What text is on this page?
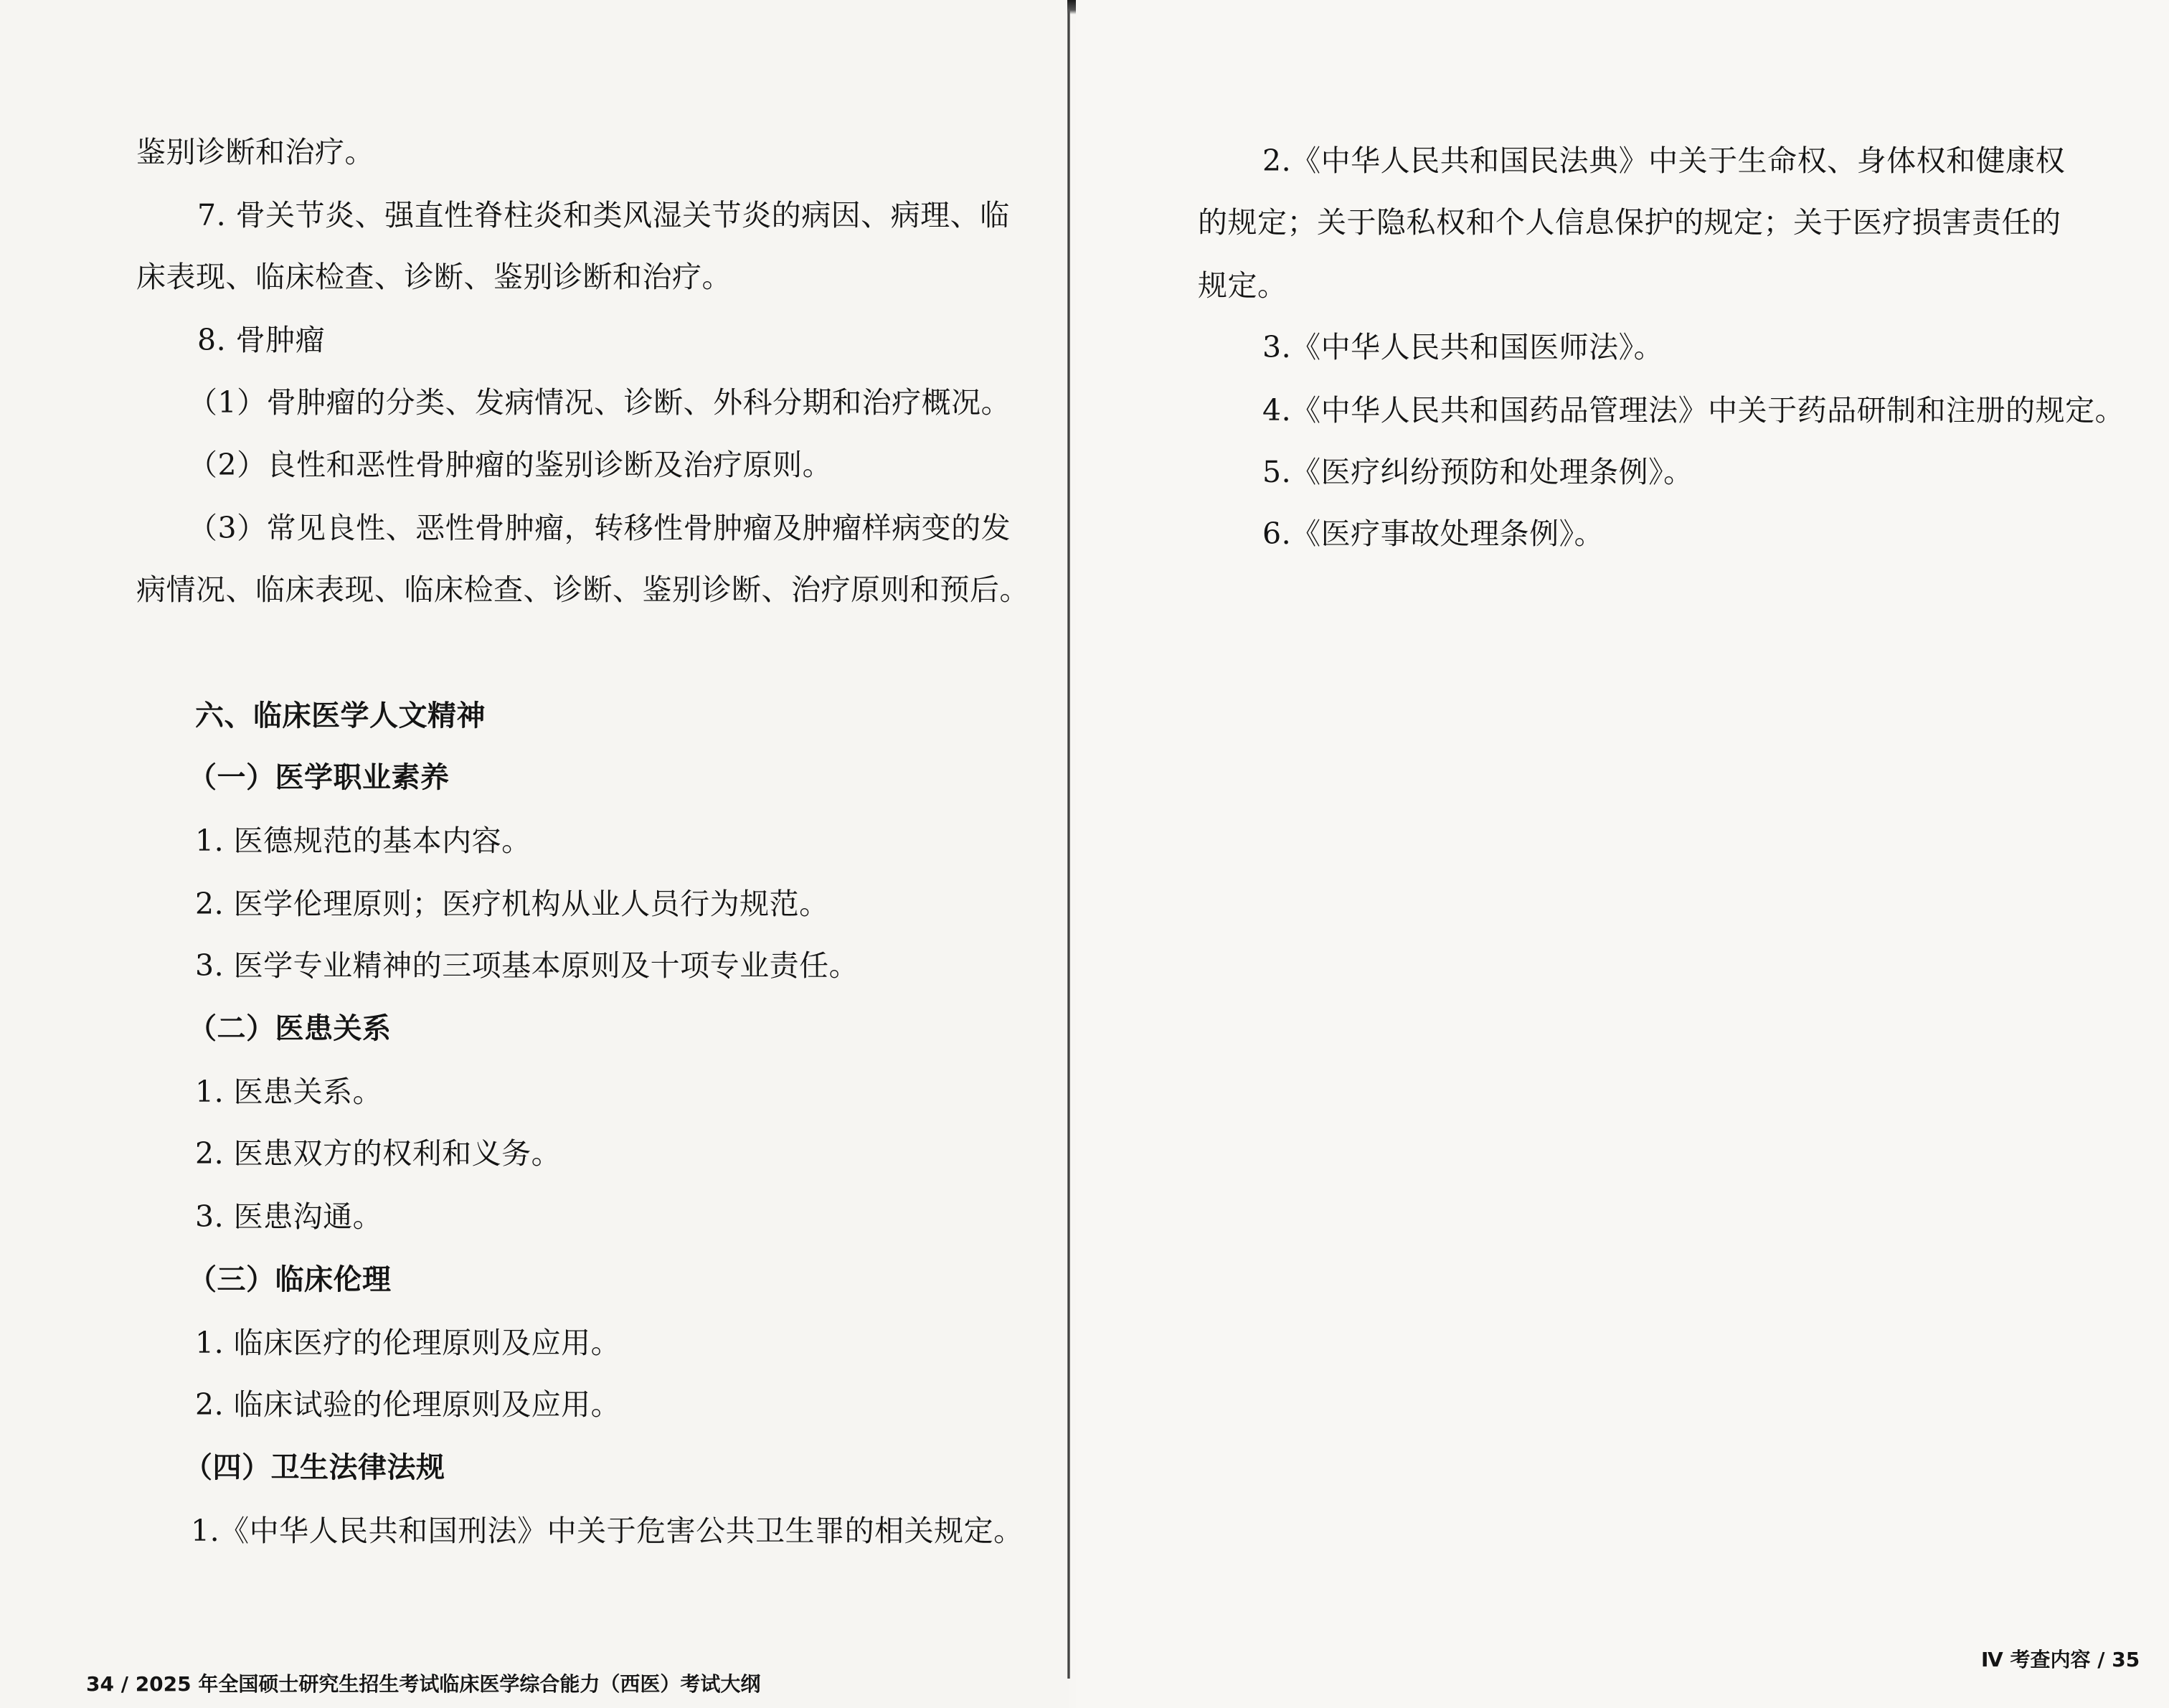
鉴别诊断和治疗。
7. 骨关节炎、强直性脊柱炎和类风湿关节炎的病因、病理、临
床表现、临床检查、诊断、鉴别诊断和治疗。
8. 骨肿瘤
（1）骨肿瘤的分类、发病情况、诊断、外科分期和治疗概况。
（2）良性和恶性骨肿瘤的鉴别诊断及治疗原则。
（3）常见良性、恶性骨肿瘤，转移性骨肿瘤及肿瘤样病变的发
病情况、临床表现、临床检查、诊断、鉴别诊断、治疗原则和预后。
六、临床医学人文精神
（一）医学职业素养
1. 医德规范的基本内容。
2. 医学伦理原则；医疗机构从业人员行为规范。
3. 医学专业精神的三项基本原则及十项专业责任。
（二）医患关系
1. 医患关系。
2. 医患双方的权利和义务。
3. 医患沟通。
（三）临床伦理
1. 临床医疗的伦理原则及应用。
2. 临床试验的伦理原则及应用。
（四）卫生法律法规
1.《中华人民共和国刑法》中关于危害公共卫生罪的相关规定。
34 / 2025 年全国硕士研究生招生考试临床医学综合能力（西医）考试大纲
2.《中华人民共和国民法典》中关于生命权、身体权和健康权
的规定；关于隐私权和个人信息保护的规定；关于医疗损害责任的
规定。
3.《中华人民共和国医师法》。
4.《中华人民共和国药品管理法》中关于药品研制和注册的规定。
5.《医疗纠纷预防和处理条例》。
6.《医疗事故处理条例》。
Ⅳ 考查内容 / 35
